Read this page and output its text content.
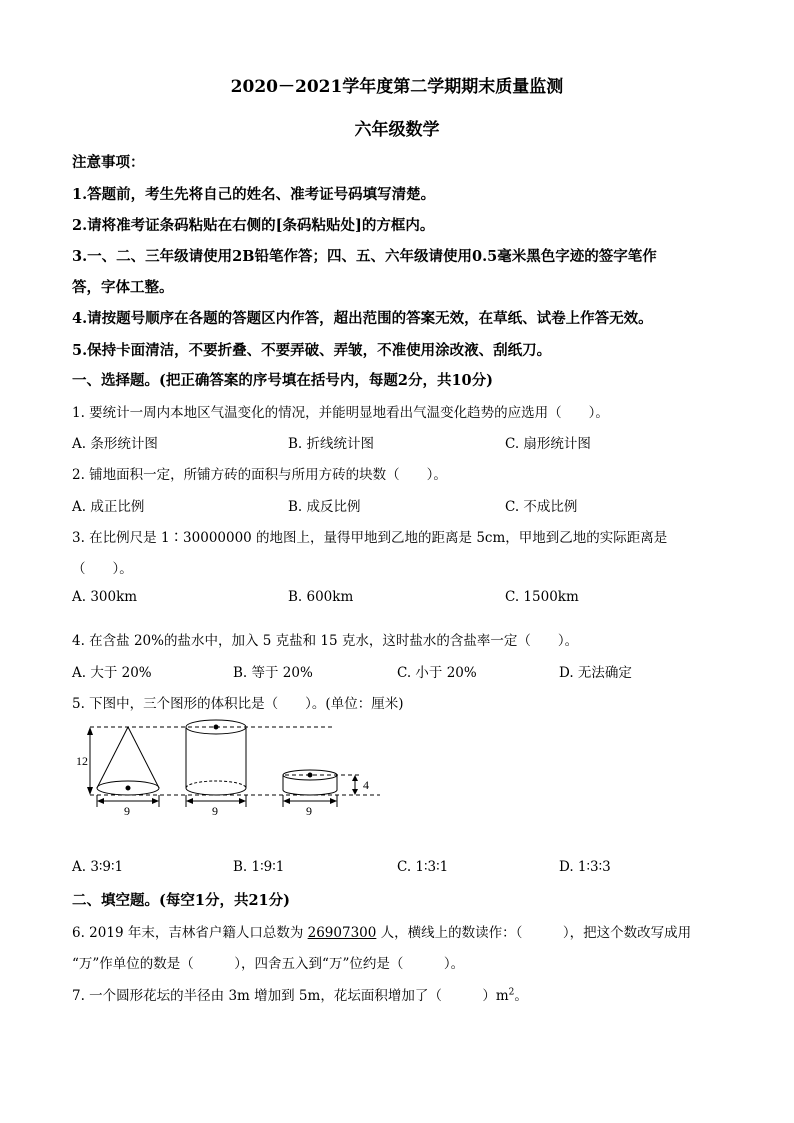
2020－2021学年度第二学期期末质量监测
六年级数学
注意事项：
1.答题前，考生先将自己的姓名、准考证号码填写清楚。
2.请将准考证条码粘贴在右侧的[条码粘贴处]的方框内。
3.一、二、三年级请使用2B铅笔作答；四、五、六年级请使用0.5毫米黑色字迹的签字笔作
答，字体工整。
4.请按题号顺序在各题的答题区内作答，超出范围的答案无效，在草纸、试卷上作答无效。
5.保持卡面清洁，不要折叠、不要弄破、弄皱，不准使用涂改液、刮纸刀。
一、选择题。(把正确答案的序号填在括号内，每题2分，共10分)
1. 要统计一周内本地区气温变化的情况，并能明显地看出气温变化趋势的应选用（　　）。
A. 条形统计图	B. 折线统计图	C. 扇形统计图
2. 铺地面积一定，所铺方砖的面积与所用方砖的块数（　　）。
A. 成正比例	B. 成反比例	C. 不成比例
3. 在比例尺是 1∶30000000 的地图上，量得甲地到乙地的距离是 5cm，甲地到乙地的实际距离是
（　　）。
A. 300km	B. 600km	C. 1500km
4. 在含盐 20%的盐水中，加入 5 克盐和 15 克水，这时盐水的含盐率一定（　　）。
A. 大于 20%	B. 等于 20%	C. 小于 20%	D. 无法确定
5. 下图中，三个图形的体积比是（　　）。(单位：厘米)
12
9	9	9
4
A. 3∶9∶1	B. 1∶9∶1	C. 1∶3∶1	D. 1∶3∶3
二、填空题。(每空1分，共21分)
6. 2019 年末，吉林省户籍人口总数为 26907300 人，横线上的数读作：（　　　），把这个数改写成用
“万”作单位的数是（　　　），四舍五入到“万”位约是（　　　）。
7. 一个圆形花坛的半径由 3m 增加到 5m，花坛面积增加了（　　　）$m^2$。
